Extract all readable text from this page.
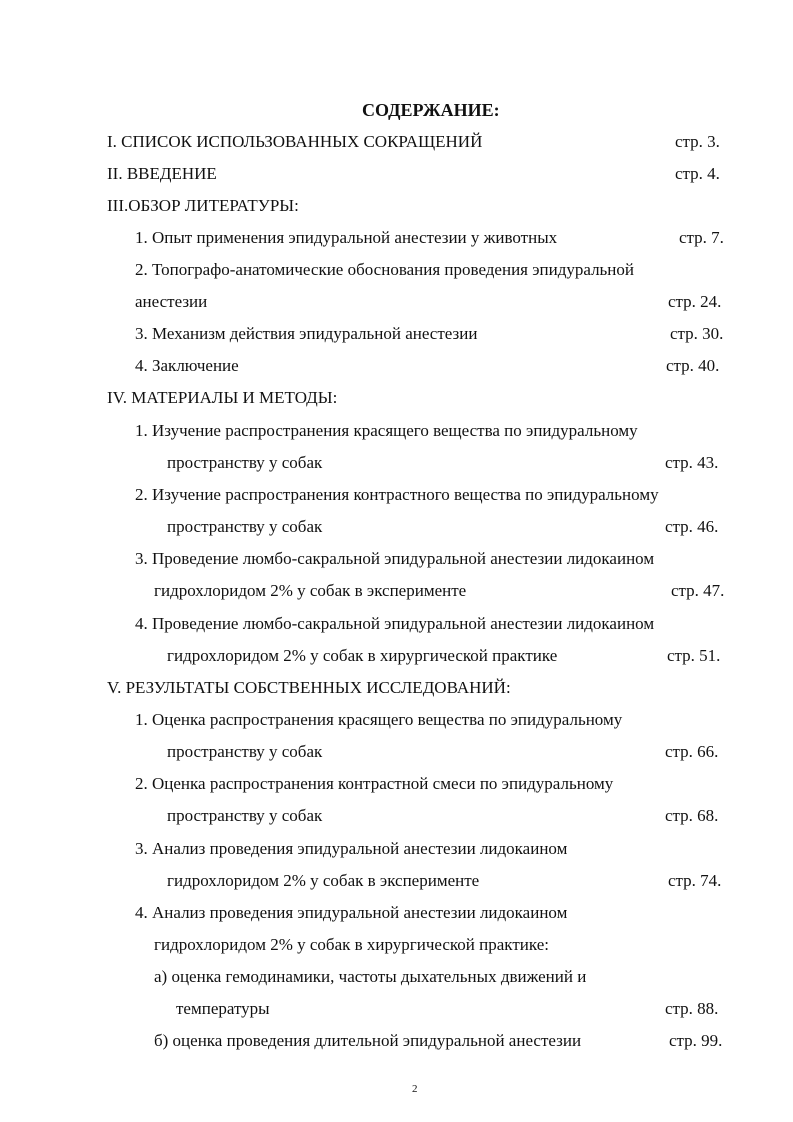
СОДЕРЖАНИЕ:
I. СПИСОК ИСПОЛЬЗОВАННЫХ СОКРАЩЕНИЙ	стр. 3.
II. ВВЕДЕНИЕ	стр. 4.
III.ОБЗОР ЛИТЕРАТУРЫ:
1. Опыт применения эпидуральной анестезии у животных	стр. 7.
2. Топографо-анатомические обоснования проведения эпидуральной
анестезии	стр. 24.
3. Механизм действия эпидуральной анестезии	стр. 30.
4. Заключение	стр. 40.
IV. МАТЕРИАЛЫ И МЕТОДЫ:
1. Изучение распространения красящего вещества по эпидуральному
пространству у собак	стр. 43.
2. Изучение распространения контрастного вещества по эпидуральному
пространству у собак	стр. 46.
3. Проведение люмбо-сакральной эпидуральной анестезии лидокаином
гидрохлоридом 2% у собак в эксперименте	стр. 47.
4. Проведение люмбо-сакральной эпидуральной анестезии лидокаином
гидрохлоридом 2% у собак в хирургической практике	стр. 51.
V. РЕЗУЛЬТАТЫ СОБСТВЕННЫХ ИССЛЕДОВАНИЙ:
1. Оценка распространения красящего вещества по эпидуральному
пространству у собак	стр. 66.
2. Оценка распространения контрастной смеси по эпидуральному
пространству у собак	стр. 68.
3. Анализ проведения эпидуральной анестезии лидокаином
гидрохлоридом 2% у собак в эксперименте	стр. 74.
4. Анализ проведения эпидуральной анестезии лидокаином
гидрохлоридом 2% у собак в хирургической практике:
а) оценка гемодинамики, частоты дыхательных движений и
температуры	стр. 88.
б) оценка проведения длительной эпидуральной анестезии	стр. 99.
2
